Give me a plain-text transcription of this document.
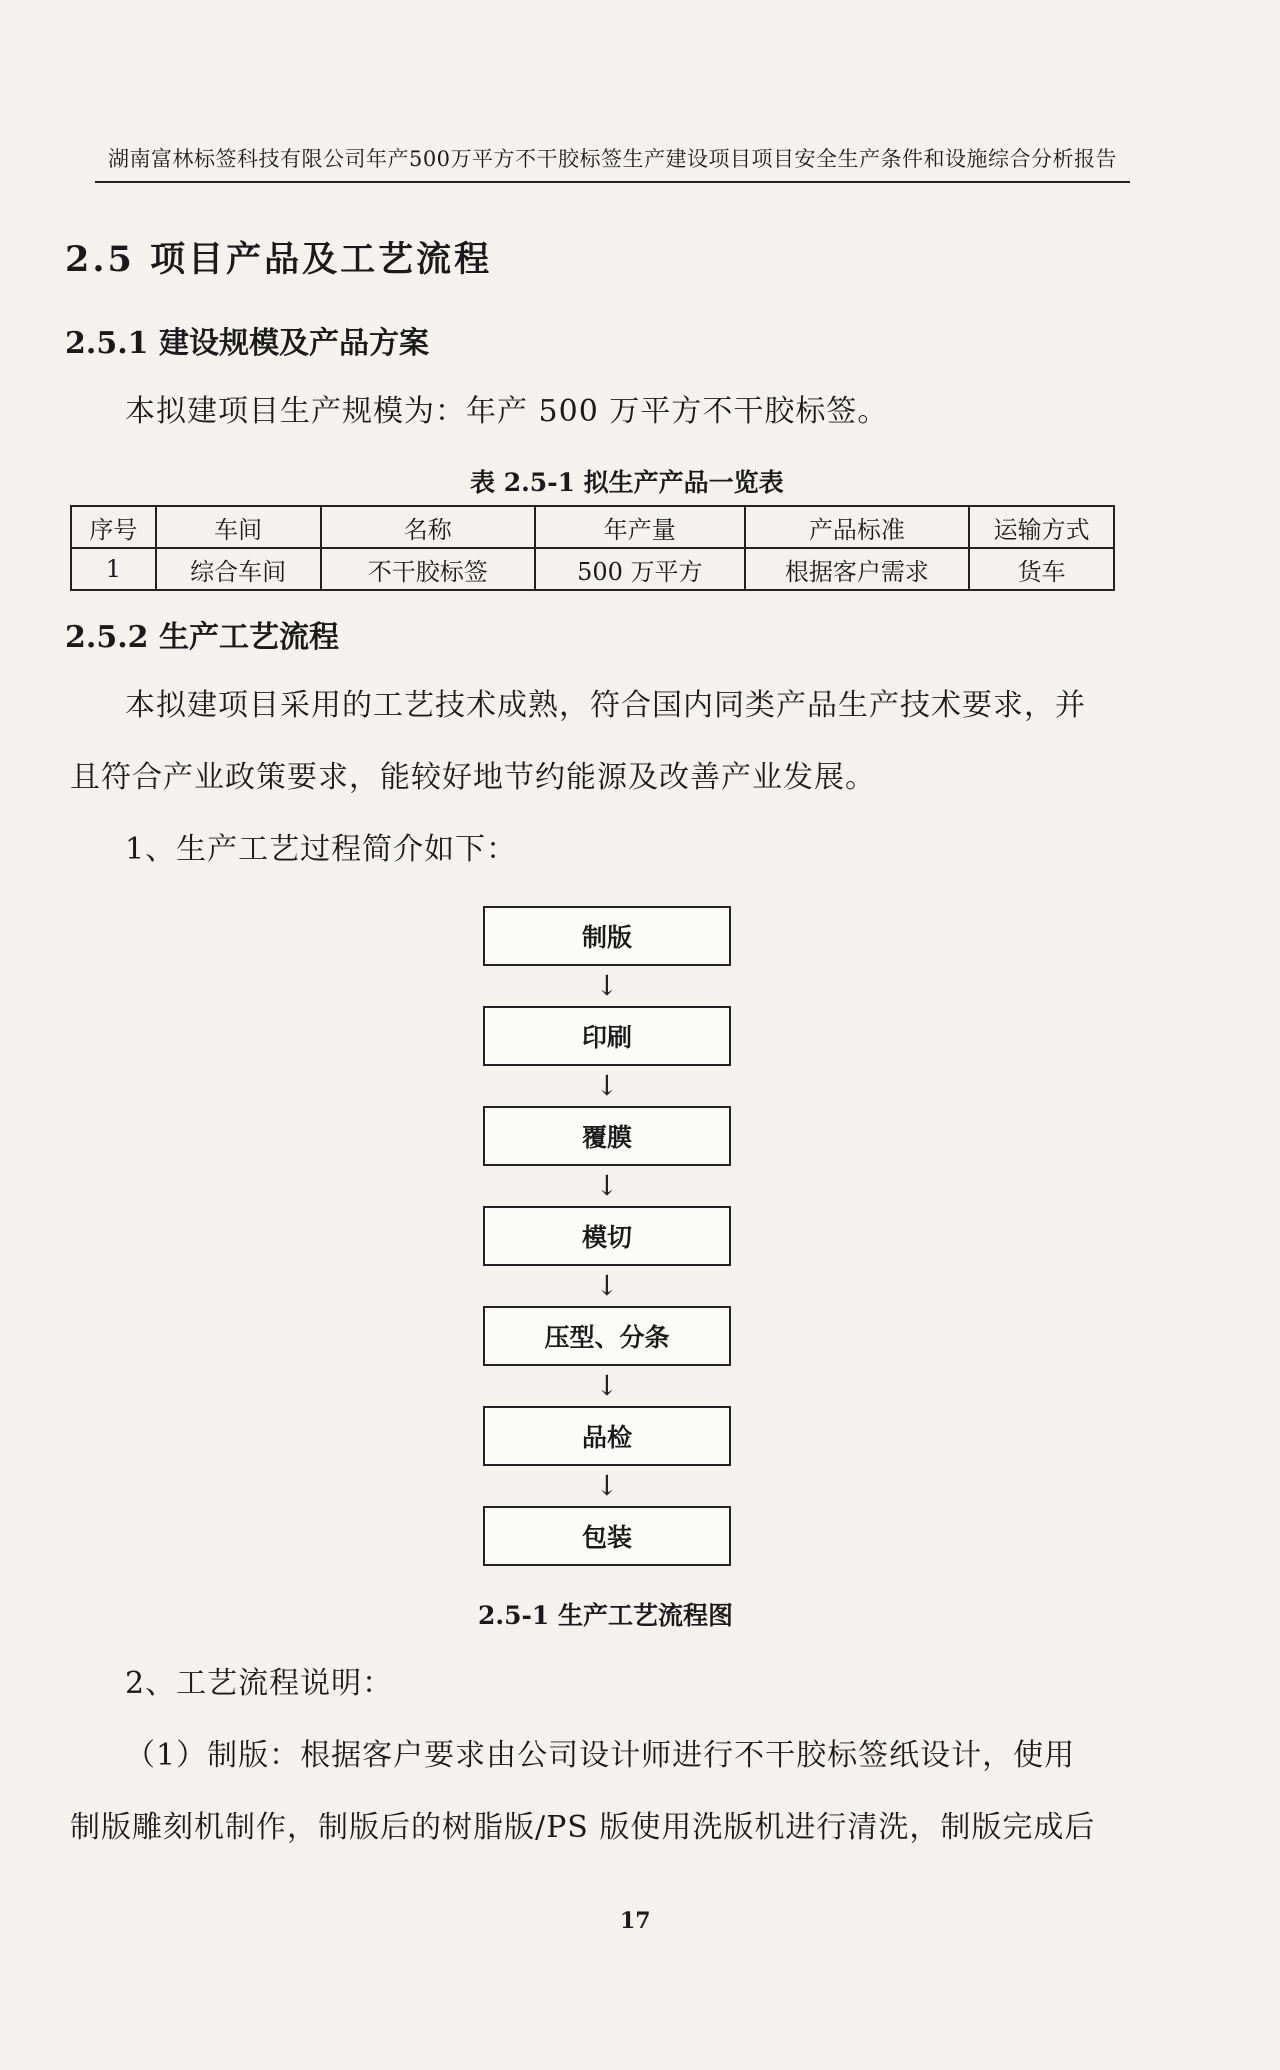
湖南富林标签科技有限公司年产500万平方不干胶标签生产建设项目项目安全生产条件和设施综合分析报告
2.5 项目产品及工艺流程
2.5.1 建设规模及产品方案
本拟建项目生产规模为：年产 500 万平方不干胶标签。
表 2.5-1 拟生产产品一览表
序号	车间	名称	年产量	产品标准	运输方式
1	综合车间	不干胶标签	500 万平方	根据客户需求	货车
2.5.2 生产工艺流程
本拟建项目采用的工艺技术成熟，符合国内同类产品生产技术要求，并
且符合产业政策要求，能较好地节约能源及改善产业发展。
1、生产工艺过程简介如下：
制版
↓
印刷
↓
覆膜
↓
模切
↓
压型、分条
↓
品检
↓
包装
2.5-1 生产工艺流程图
2、工艺流程说明：
（1）制版：根据客户要求由公司设计师进行不干胶标签纸设计，使用
制版雕刻机制作，制版后的树脂版/PS 版使用洗版机进行清洗，制版完成后
17
